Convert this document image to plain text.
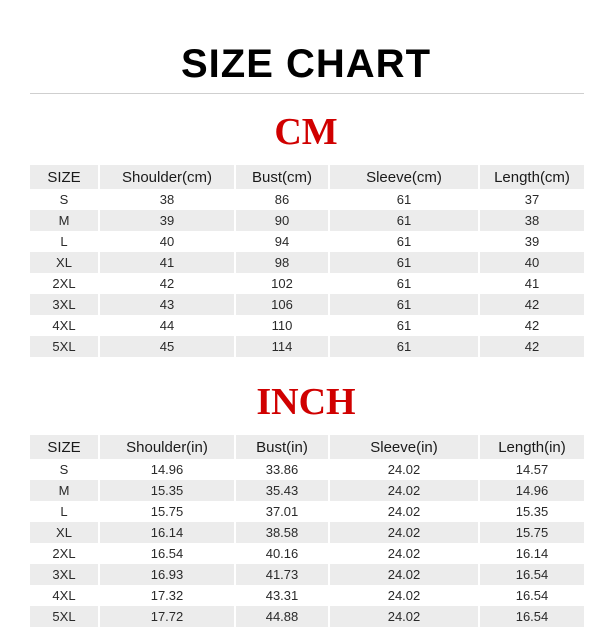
SIZE CHART
CM
SIZE	Shoulder(cm)	Bust(cm)	Sleeve(cm)	Length(cm)
S	38	86	61	37
M	39	90	61	38
L	40	94	61	39
XL	41	98	61	40
2XL	42	102	61	41
3XL	43	106	61	42
4XL	44	110	61	42
5XL	45	114	61	42
INCH
SIZE	Shoulder(in)	Bust(in)	Sleeve(in)	Length(in)
S	14.96	33.86	24.02	14.57
M	15.35	35.43	24.02	14.96
L	15.75	37.01	24.02	15.35
XL	16.14	38.58	24.02	15.75
2XL	16.54	40.16	24.02	16.14
3XL	16.93	41.73	24.02	16.54
4XL	17.32	43.31	24.02	16.54
5XL	17.72	44.88	24.02	16.54
